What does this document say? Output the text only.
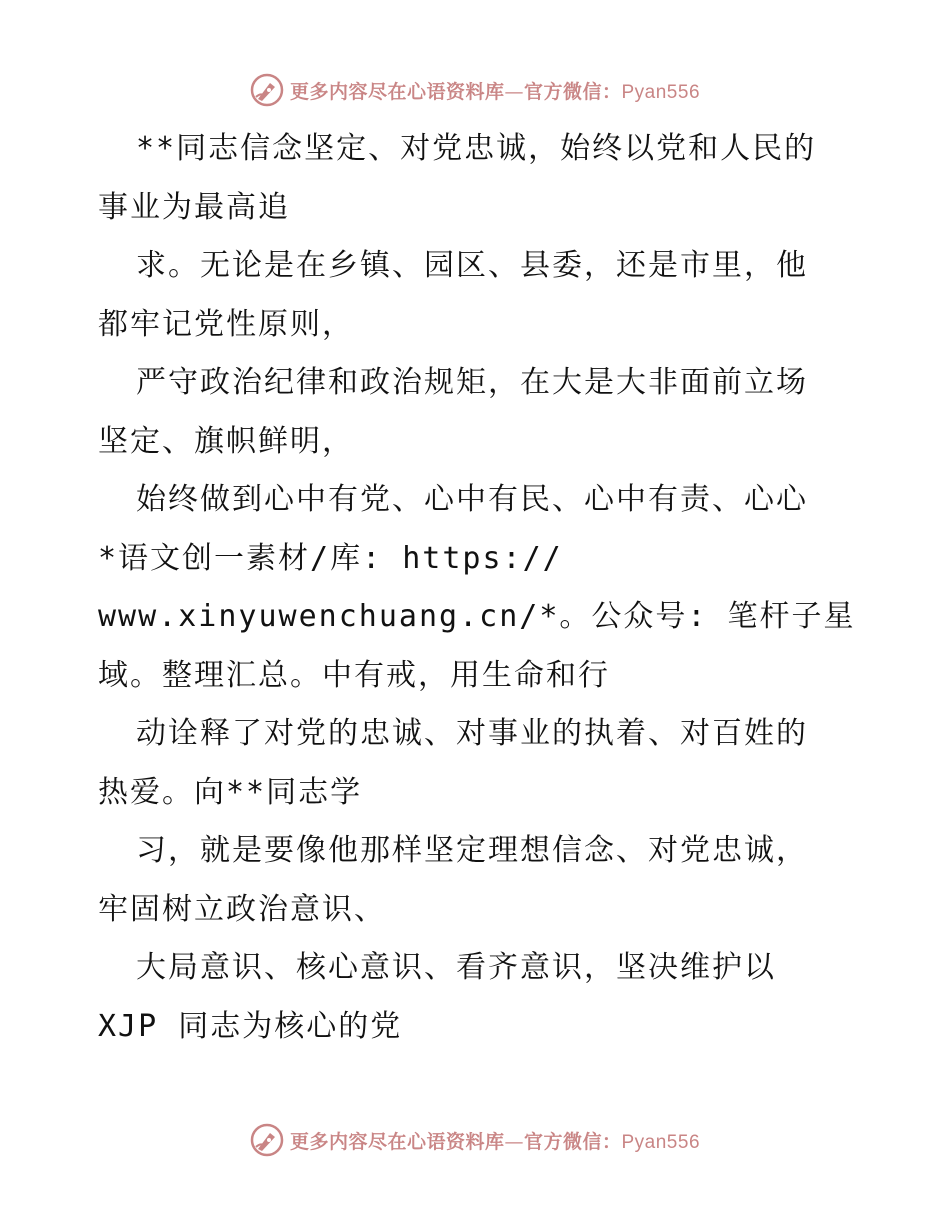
更多内容尽在心语资料库—官方微信：Pyan556
**同志信念坚定、对党忠诚，始终以党和人民的
事业为最高追
求。无论是在乡镇、园区、县委，还是市里，他
都牢记党性原则，
严守政治纪律和政治规矩，在大是大非面前立场
坚定、旗帜鲜明，
始终做到心中有党、心中有民、心中有责、心心
*语文创一素材/库: https://
www.xinyuwenchuang.cn/*。公众号: 笔杆子星
域。整理汇总。中有戒，用生命和行
动诠释了对党的忠诚、对事业的执着、对百姓的
热爱。向**同志学
习，就是要像他那样坚定理想信念、对党忠诚，
牢固树立政治意识、
大局意识、核心意识、看齐意识，坚决维护以
XJP 同志为核心的党
更多内容尽在心语资料库—官方微信：Pyan556
